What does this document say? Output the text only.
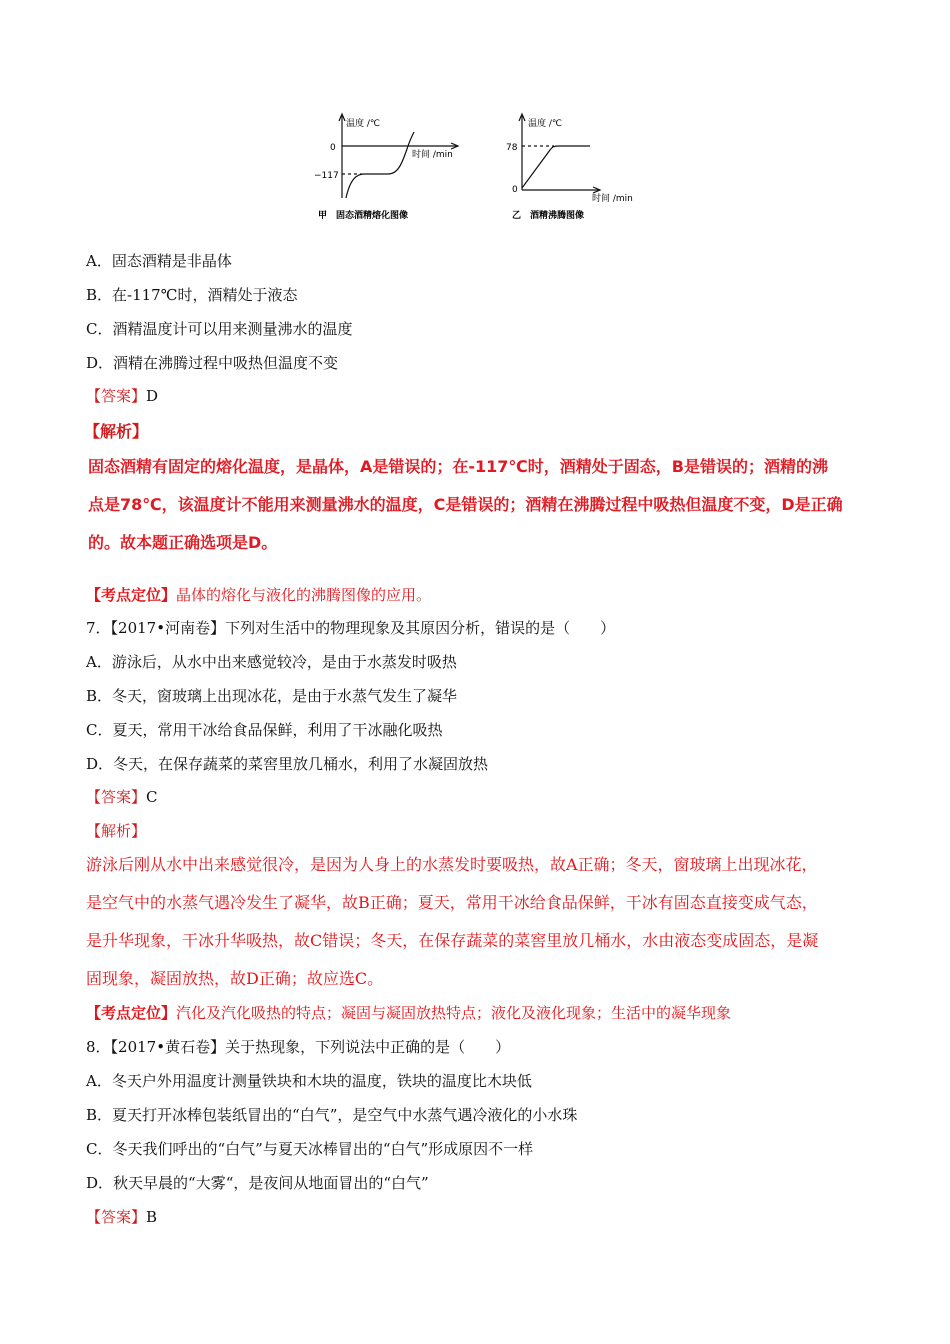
温度 /℃
时间 /min
0
−117
甲　固态酒精熔化图像
温度 /℃
时间 /min
78
0
乙　酒精沸腾图像
A．固态酒精是非晶体
B．在-117℃时，酒精处于液态
C．酒精温度计可以用来测量沸水的温度
D．酒精在沸腾过程中吸热但温度不变
【答案】D
【解析】
固态酒精有固定的熔化温度，是晶体，A是错误的；在-117℃时，酒精处于固态，B是错误的；酒精的沸
点是78℃，该温度计不能用来测量沸水的温度，C是错误的；酒精在沸腾过程中吸热但温度不变，D是正确
的。故本题正确选项是D。
【考点定位】晶体的熔化与液化的沸腾图像的应用。
7．【2017•河南卷】下列对生活中的物理现象及其原因分析，错误的是（　　）
A．游泳后，从水中出来感觉较冷，是由于水蒸发时吸热
B．冬天，窗玻璃上出现冰花，是由于水蒸气发生了凝华
C．夏天，常用干冰给食品保鲜，利用了干冰融化吸热
D．冬天，在保存蔬菜的菜窖里放几桶水，利用了水凝固放热
【答案】C
【解析】
游泳后刚从水中出来感觉很冷，是因为人身上的水蒸发时要吸热，故A正确；冬天，窗玻璃上出现冰花，
是空气中的水蒸气遇冷发生了凝华，故B正确；夏天，常用干冰给食品保鲜，干冰有固态直接变成气态，
是升华现象，干冰升华吸热，故C错误；冬天，在保存蔬菜的菜窖里放几桶水，水由液态变成固态，是凝
固现象，凝固放热，故D正确；故应选C。
【考点定位】汽化及汽化吸热的特点；凝固与凝固放热特点；液化及液化现象；生活中的凝华现象
8．【2017•黄石卷】关于热现象，下列说法中正确的是（　　）
A．冬天户外用温度计测量铁块和木块的温度，铁块的温度比木块低
B．夏天打开冰棒包装纸冒出的“白气”，是空气中水蒸气遇冷液化的小水珠
C．冬天我们呼出的“白气”与夏天冰棒冒出的“白气”形成原因不一样
D．秋天早晨的“大雾“，是夜间从地面冒出的“白气”
【答案】B
